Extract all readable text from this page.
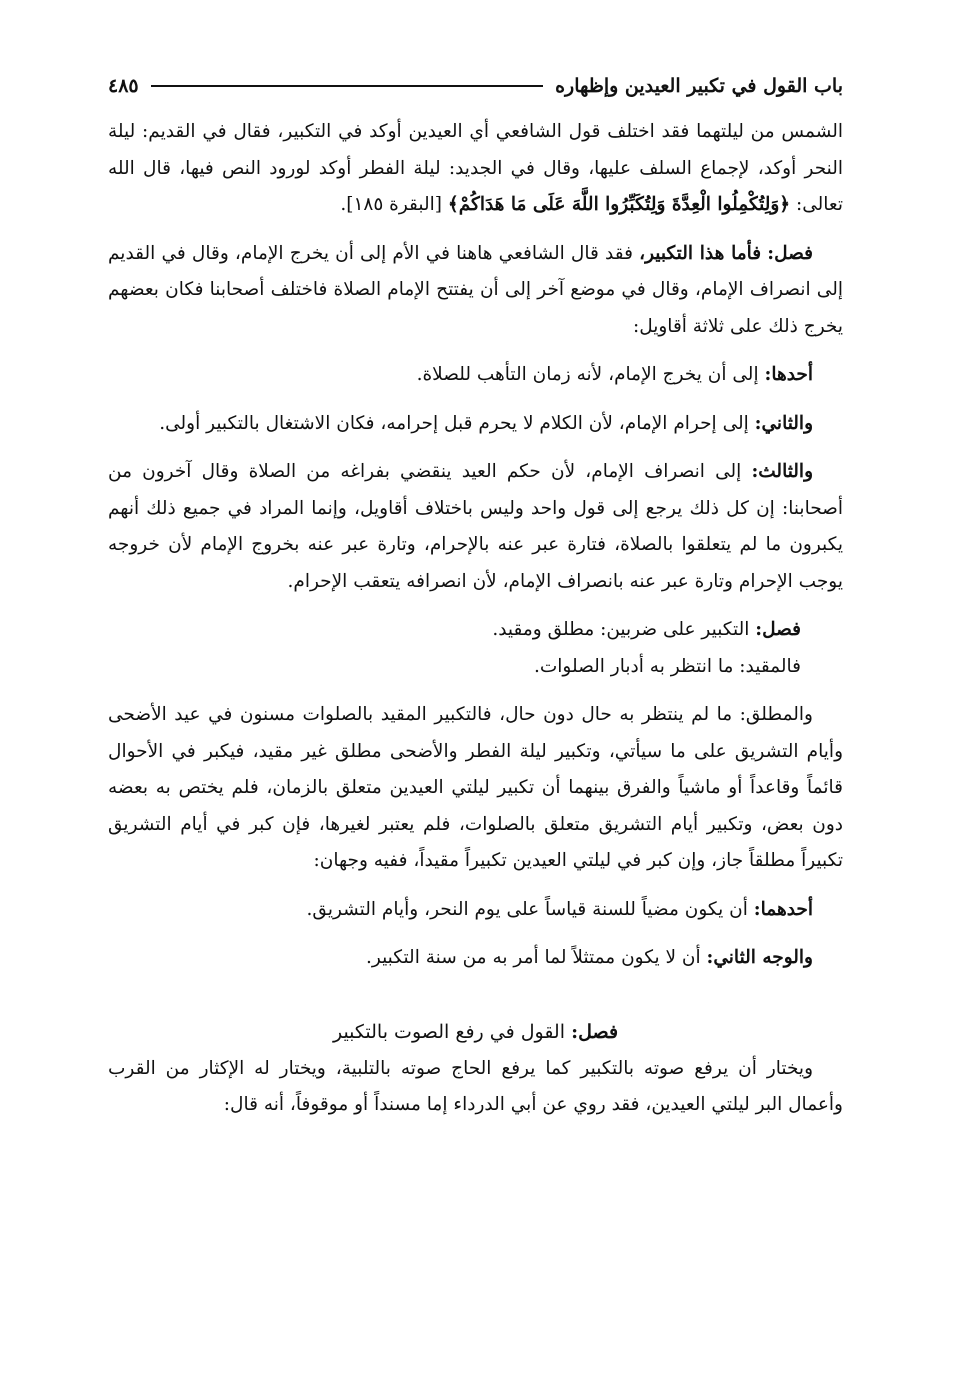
باب القول في تكبير العيدين وإظهاره
٤٨٥

الشمس من ليلتهما فقد اختلف قول الشافعي أي العيدين أوكد في التكبير، فقال في القديم: ليلة النحر أوكد، لإجماع السلف عليها، وقال في الجديد: ليلة الفطر أوكد لورود النص فيها، قال الله تعالى: ﴿وَلِتُكْمِلُوا الْعِدَّةَ وَلِتُكَبِّرُوا اللَّهَ عَلَى مَا هَدَاكُمْ﴾ [البقرة ١٨٥].

فصل: فأما هذا التكبير، فقد قال الشافعي هاهنا في الأم إلى أن يخرج الإمام، وقال في القديم إلى انصراف الإمام، وقال في موضع آخر إلى أن يفتتح الإمام الصلاة فاختلف أصحابنا فكان بعضهم يخرج ذلك على ثلاثة أقاويل:

أحدها: إلى أن يخرج الإمام، لأنه زمان التأهب للصلاة.

والثاني: إلى إحرام الإمام، لأن الكلام لا يحرم قبل إحرامه، فكان الاشتغال بالتكبير أولى.

والثالث: إلى انصراف الإمام، لأن حكم العيد ينقضي بفراغه من الصلاة وقال آخرون من أصحابنا: إن كل ذلك يرجع إلى قول واحد وليس باختلاف أقاويل، وإنما المراد في جميع ذلك أنهم يكبرون ما لم يتعلقوا بالصلاة، فتارة عبر عنه بالإحرام، وتارة عبر عنه بخروج الإمام لأن خروجه يوجب الإحرام وتارة عبر عنه بانصراف الإمام، لأن انصرافه يتعقب الإحرام.

فصل: التكبير على ضربين: مطلق ومقيد.

فالمقيد: ما انتظر به أدبار الصلوات.

والمطلق: ما لم ينتظر به حال دون حال، فالتكبير المقيد بالصلوات مسنون في عيد الأضحى وأيام التشريق على ما سيأتي، وتكبير ليلة الفطر والأضحى مطلق غير مقيد، فيكبر في الأحوال قائماً وقاعداً أو ماشياً والفرق بينهما أن تكبير ليلتي العيدين متعلق بالزمان، فلم يختص به بعضه دون بعض، وتكبير أيام التشريق متعلق بالصلوات، فلم يعتبر لغيرها، فإن كبر في أيام التشريق تكبيراً مطلقاً جاز، وإن كبر في ليلتي العيدين تكبيراً مقيداً، ففيه وجهان:

أحدهما: أن يكون مضياً للسنة قياساً على يوم النحر، وأيام التشريق.

والوجه الثاني: أن لا يكون ممتثلاً لما أمر به من سنة التكبير.

فصل: القول في رفع الصوت بالتكبير

ويختار أن يرفع صوته بالتكبير كما يرفع الحاج صوته بالتلبية، ويختار له الإكثار من القرب وأعمال البر ليلتي العيدين، فقد روي عن أبي الدرداء إما مسنداً أو موقوفاً، أنه قال:
